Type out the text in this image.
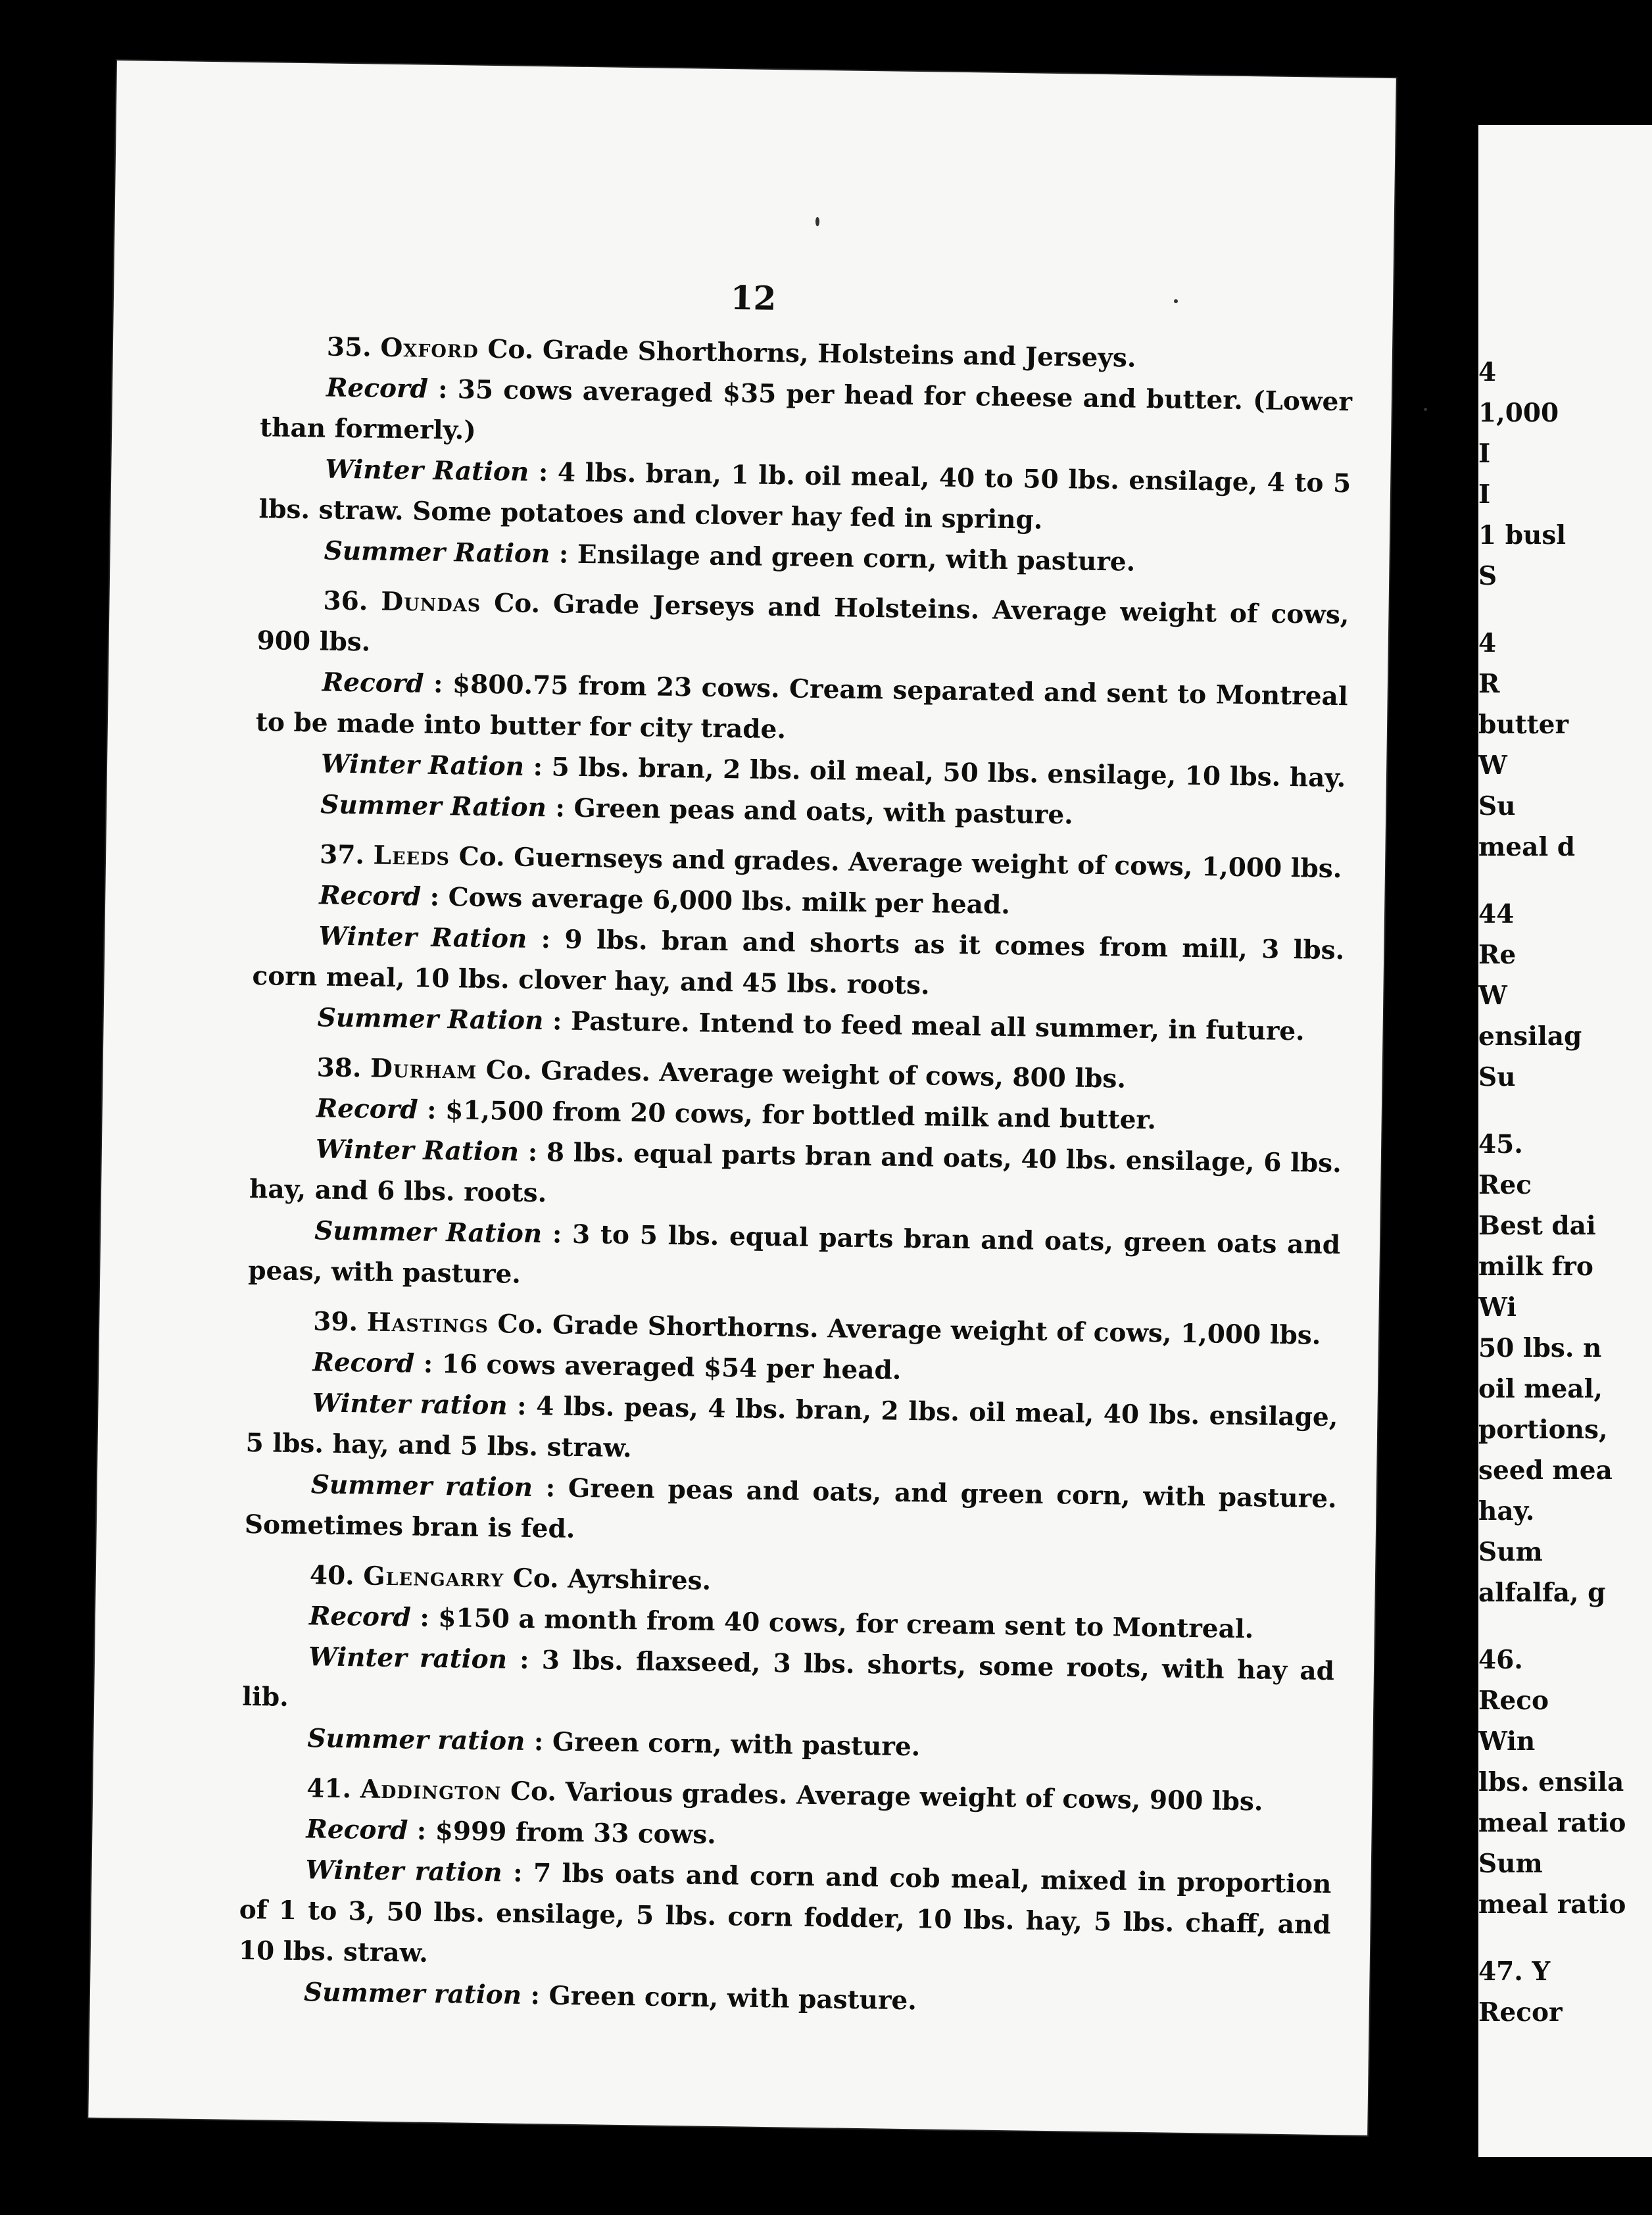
12

35. Oxford Co. Grade Shorthorns, Holsteins and Jerseys.

Record : 35 cows averaged $35 per head for cheese and butter. (Lower than formerly.)

Winter Ration : 4 lbs. bran, 1 lb. oil meal, 40 to 50 lbs. ensilage, 4 to 5 lbs. straw. Some potatoes and clover hay fed in spring.

Summer Ration : Ensilage and green corn, with pasture.

36. Dundas Co. Grade Jerseys and Holsteins. Average weight of cows, 900 lbs.

Record : $800.75 from 23 cows. Cream separated and sent to Montreal to be made into butter for city trade.

Winter Ration : 5 lbs. bran, 2 lbs. oil meal, 50 lbs. ensilage, 10 lbs. hay.

Summer Ration : Green peas and oats, with pasture.

37. Leeds Co. Guernseys and grades. Average weight of cows, 1,000 lbs.

Record : Cows average 6,000 lbs. milk per head.

Winter Ration : 9 lbs. bran and shorts as it comes from mill, 3 lbs. corn meal, 10 lbs. clover hay, and 45 lbs. roots.

Summer Ration : Pasture. Intend to feed meal all summer, in future.

38. Durham Co. Grades. Average weight of cows, 800 lbs.

Record : $1,500 from 20 cows, for bottled milk and butter.

Winter Ration : 8 lbs. equal parts bran and oats, 40 lbs. ensilage, 6 lbs. hay, and 6 lbs. roots.

Summer Ration : 3 to 5 lbs. equal parts bran and oats, green oats and peas, with pasture.

39. Hastings Co. Grade Shorthorns. Average weight of cows, 1,000 lbs.

Record : 16 cows averaged $54 per head.

Winter ration : 4 lbs. peas, 4 lbs. bran, 2 lbs. oil meal, 40 lbs. ensilage, 5 lbs. hay, and 5 lbs. straw.

Summer ration : Green peas and oats, and green corn, with pasture. Sometimes bran is fed.

40. Glengarry Co. Ayrshires.

Record : $150 a month from 40 cows, for cream sent to Montreal.

Winter ration : 3 lbs. flaxseed, 3 lbs. shorts, some roots, with hay ad lib.

Summer ration : Green corn, with pasture.

41. Addington Co. Various grades. Average weight of cows, 900 lbs.

Record : $999 from 33 cows.

Winter ration : 7 lbs oats and corn and cob meal, mixed in proportion of 1 to 3, 50 lbs. ensilage, 5 lbs. corn fodder, 10 lbs. hay, 5 lbs. chaff, and 10 lbs. straw.

Summer ration : Green corn, with pasture.

4
1,000
I
I
1 busl
S
4
R
butter
W
Su
meal d
44
Re
W
ensilag
Su
45.
Rec
Best dai
milk fro
Wi
50 lbs. n
oil meal,
portions,
seed mea
hay.
Sum
alfalfa, g
46.
Reco
Win
lbs. ensila
meal ratio
Sum
meal ratio
47. Y
Recor
